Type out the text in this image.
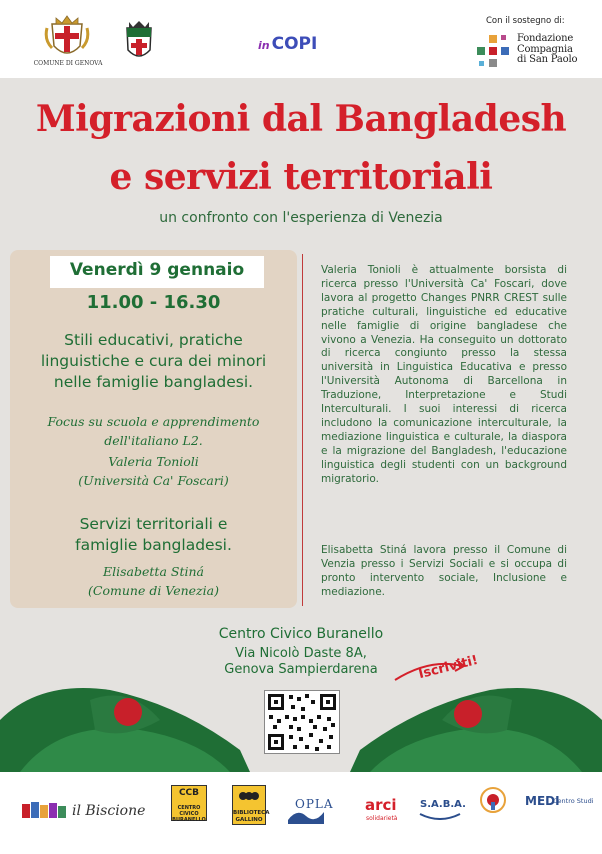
COMUNE DI GENOVA
in COPI
Con il sostegno di:
Fondazione
Compagnia
di San Paolo
Migrazioni dal Bangladesh
e servizi territoriali
un confronto con l'esperienza di Venezia
Venerdì 9 gennaio
11.00 - 16.30
Stili educativi, pratiche
linguistiche e cura dei minori
nelle famiglie bangladesi.
Focus su scuola e apprendimento
dell'italiano L2.
Valeria Tonioli
(Università Ca' Foscari)
Servizi territoriali e
famiglie bangladesi.
Elisabetta Stiná
(Comune di Venezia)
Valeria Tonioli è attualmente borsista di ricerca presso l'Università Ca' Foscari, dove lavora al progetto Changes PNRR CREST sulle pratiche culturali, linguistiche ed educative nelle famiglie di origine bangladese che vivono a Venezia. Ha conseguito un dottorato di ricerca congiunto presso la stessa università in Linguistica Educativa e presso l'Università Autonoma di Barcellona in Traduzione, Interpretazione e Studi Interculturali. I suoi interessi di ricerca includono la comunicazione interculturale, la mediazione linguistica e culturale, la diaspora e la migrazione del Bangladesh, l'educazione linguistica degli studenti con un background migratorio.
Elisabetta Stiná lavora presso il Comune di Venzia presso i Servizi Sociali e si occupa di pronto intervento sociale, Inclusione e mediazione.
Centro Civico Buranello
Via Nicolò Daste 8A,
Genova Sampierdarena	Iscriviti!
il Biscione	CENTRO CIVICO BURANELLO
CCB
BIBLIOTECA GALLINO
OPLA arci
solidarietà
S.A.B.A.	MEDI
Centro Studi
